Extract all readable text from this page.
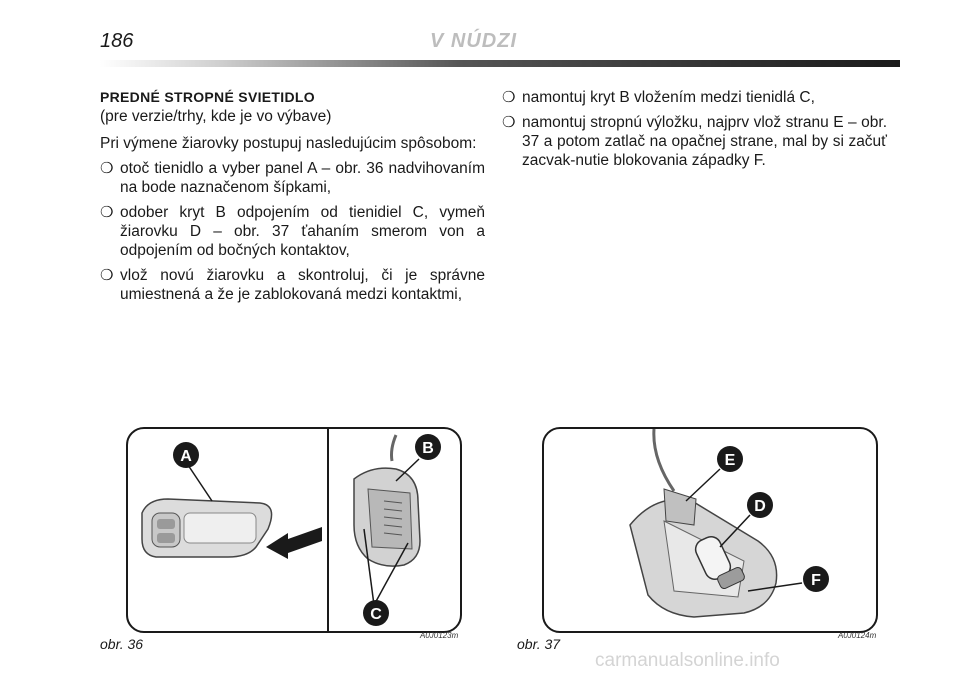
186	V NÚDZI
PREDNÉ STROPNÉ SVIETIDLO
(pre verzie/trhy, kde je vo výbave)
Pri výmene žiarovky postupuj nasledujúcim spôsobom:
❍ otoč tienidlo a vyber panel A – obr. 36 nadvihovaním na bode naznačenom šípkami,
❍ odober kryt B odpojením od tienidiel C, vymeň žiarovku D – obr. 37 ťahaním smerom von a odpojením od bočných kontaktov,
❍ vlož novú žiarovku a skontroluj, či je správne umiestnená a že je zablokovaná medzi kontaktmi,
❍ namontuj kryt B vložením medzi tienidlá C,
❍ namontuj stropnú výložku, najprv vlož stranu E – obr. 37 a potom zatlač na opačnej strane, mal by si začuť zacvak-nutie blokovania západky F.
A	B
C
obr. 36
A0J0123m
E
D
F
obr. 37
A0J0124m
carmanualsonline.info
